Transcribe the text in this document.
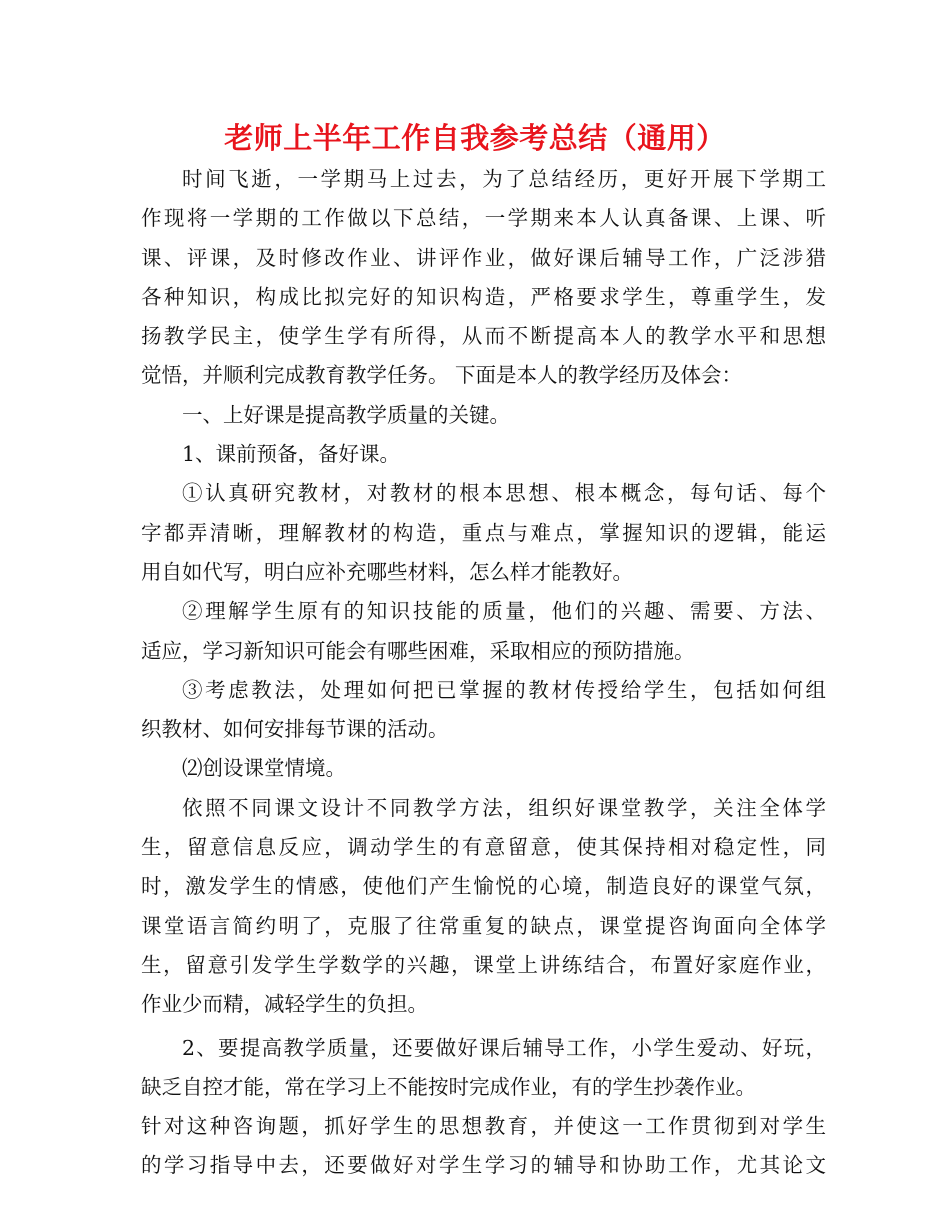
老师上半年工作自我参考总结（通用）
时间飞逝，一学期马上过去，为了总结经历，更好开展下学期工
作现将一学期的工作做以下总结，一学期来本人认真备课、上课、听
课、评课，及时修改作业、讲评作业，做好课后辅导工作，广泛涉猎
各种知识，构成比拟完好的知识构造，严格要求学生，尊重学生，发
扬教学民主，使学生学有所得，从而不断提高本人的教学水平和思想
觉悟，并顺利完成教育教学任务。 下面是本人的教学经历及体会：
一、上好课是提高教学质量的关键。
1、课前预备，备好课。
①认真研究教材，对教材的根本思想、根本概念，每句话、每个
字都弄清晰，理解教材的构造，重点与难点，掌握知识的逻辑，能运
用自如代写，明白应补充哪些材料，怎么样才能教好。
②理解学生原有的知识技能的质量，他们的兴趣、需要、方法、
适应，学习新知识可能会有哪些困难，采取相应的预防措施。
③考虑教法，处理如何把已掌握的教材传授给学生，包括如何组
织教材、如何安排每节课的活动。
⑵创设课堂情境。
依照不同课文设计不同教学方法，组织好课堂教学，关注全体学
生，留意信息反应，调动学生的有意留意，使其保持相对稳定性，同
时，激发学生的情感，使他们产生愉悦的心境，制造良好的课堂气氛，
课堂语言简约明了，克服了往常重复的缺点，课堂提咨询面向全体学
生，留意引发学生学数学的兴趣，课堂上讲练结合，布置好家庭作业，
作业少而精，减轻学生的负担。
2、要提高教学质量，还要做好课后辅导工作，小学生爱动、好玩，
缺乏自控才能，常在学习上不能按时完成作业，有的学生抄袭作业。
针对这种咨询题，抓好学生的思想教育，并使这一工作贯彻到对学生
的学习指导中去，还要做好对学生学习的辅导和协助工作，尤其论文
